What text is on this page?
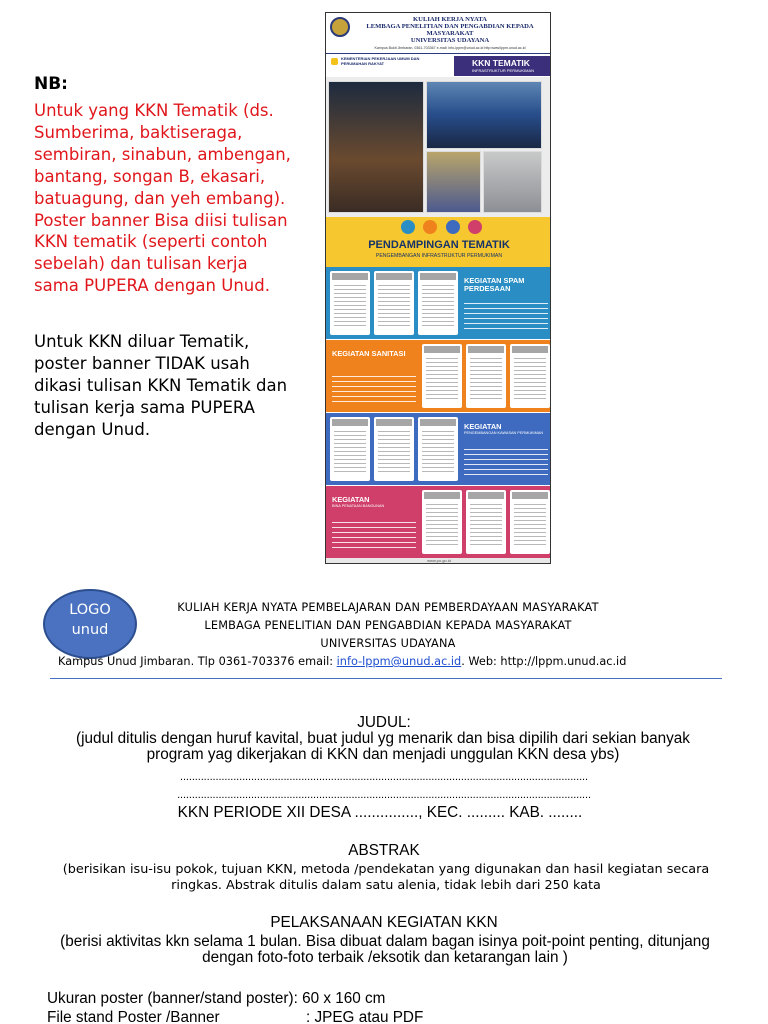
NB:
Untuk yang KKN Tematik (ds. Sumberima, baktiseraga, sembiran, sinabun, ambengan, bantang, songan B, ekasari, batuagung, dan yeh embang). Poster banner Bisa diisi tulisan KKN tematik (seperti contoh sebelah) dan tulisan kerja sama PUPERA dengan Unud.
Untuk KKN diluar Tematik, poster banner TIDAK usah dikasi tulisan KKN Tematik dan tulisan kerja sama PUPERA dengan Unud.
KULIAH KERJA NYATA
LEMBAGA PENELITIAN DAN PENGABDIAN KEPADA MASYARAKAT
UNIVERSITAS UDAYANA
Kampus Bukit Jimbaran. 0361-703367 e-mail: info-lppm@unud.ac.id http:www/lppm.unud.ac.id
KEMENTERIAN PEKERJAAN UMUM DAN PERUMAHAN RAKYAT	KKN TEMATIK
INFRASTRUKTUR PERMUKIMAN

PENDAMPINGAN TEMATIK
PENGEMBANGAN INFRASTRUKTUR PERMUKIMAN
KEGIATAN SPAM PERDESAAN
KEGIATAN SANITASI
KEGIATAN
PENGEMBANGAN KAWASAN PERMUKIMAN
KEGIATAN
BINA PENATAAN BANGUNAN
www.pu.go.id
LOGO
unud
KULIAH KERJA NYATA PEMBELAJARAN DAN PEMBERDAYAAN MASYARAKAT
LEMBAGA PENELITIAN DAN PENGABDIAN KEPADA MASYARAKAT
UNIVERSITAS UDAYANA
Kampus Unud Jimbaran. Tlp 0361-703376 email: info-lppm@unud.ac.id. Web: http://lppm.unud.ac.id
JUDUL:
(judul ditulis dengan huruf kavital, buat judul yg menarik dan bisa dipilih dari sekian banyak program yag dikerjakan di KKN dan menjadi unggulan KKN desa ybs)
..........................................................................................................................................
............................................................................................................................................
KKN PERIODE XII DESA ..............., KEC. ......... KAB. ........
ABSTRAK
(berisikan isu-isu pokok, tujuan KKN, metoda /pendekatan yang digunakan dan hasil kegiatan secara ringkas. Abstrak ditulis dalam satu alenia, tidak lebih dari 250 kata
PELAKSANAAN KEGIATAN KKN
(berisi aktivitas kkn selama 1 bulan. Bisa dibuat dalam bagan isinya poit-point penting, ditunjang dengan foto-foto terbaik /eksotik dan ketarangan lain )
Ukuran poster (banner/stand poster): 60 x 160 cm
File stand Poster /Banner	: JPEG atau PDF
